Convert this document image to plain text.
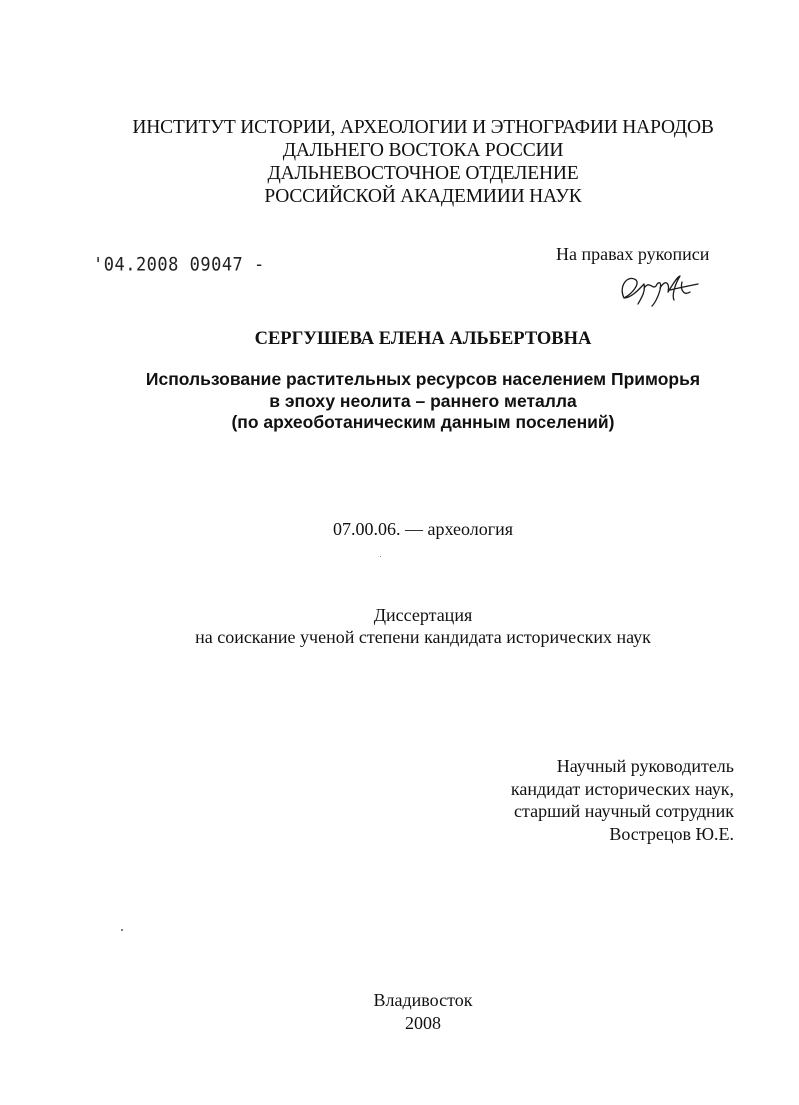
ИНСТИТУТ ИСТОРИИ, АРХЕОЛОГИИ И ЭТНОГРАФИИ НАРОДОВ
ДАЛЬНЕГО ВОСТОКА РОССИИ
ДАЛЬНЕВОСТОЧНОЕ ОТДЕЛЕНИЕ
РОССИЙСКОЙ АКАДЕМИИИ НАУК
'04.2008 09047 -	На правах рукописи
СЕРГУШЕВА ЕЛЕНА АЛЬБЕРТОВНА
Использование растительных ресурсов населением Приморья
в эпоху неолита – раннего металла
(по археоботаническим данным поселений)
07.00.06. — археология
Диссертация
на соискание ученой степени кандидата исторических наук
Научный руководитель
кандидат исторических наук,
старший научный сотрудник
Вострецов Ю.Е.
Владивосток
2008
